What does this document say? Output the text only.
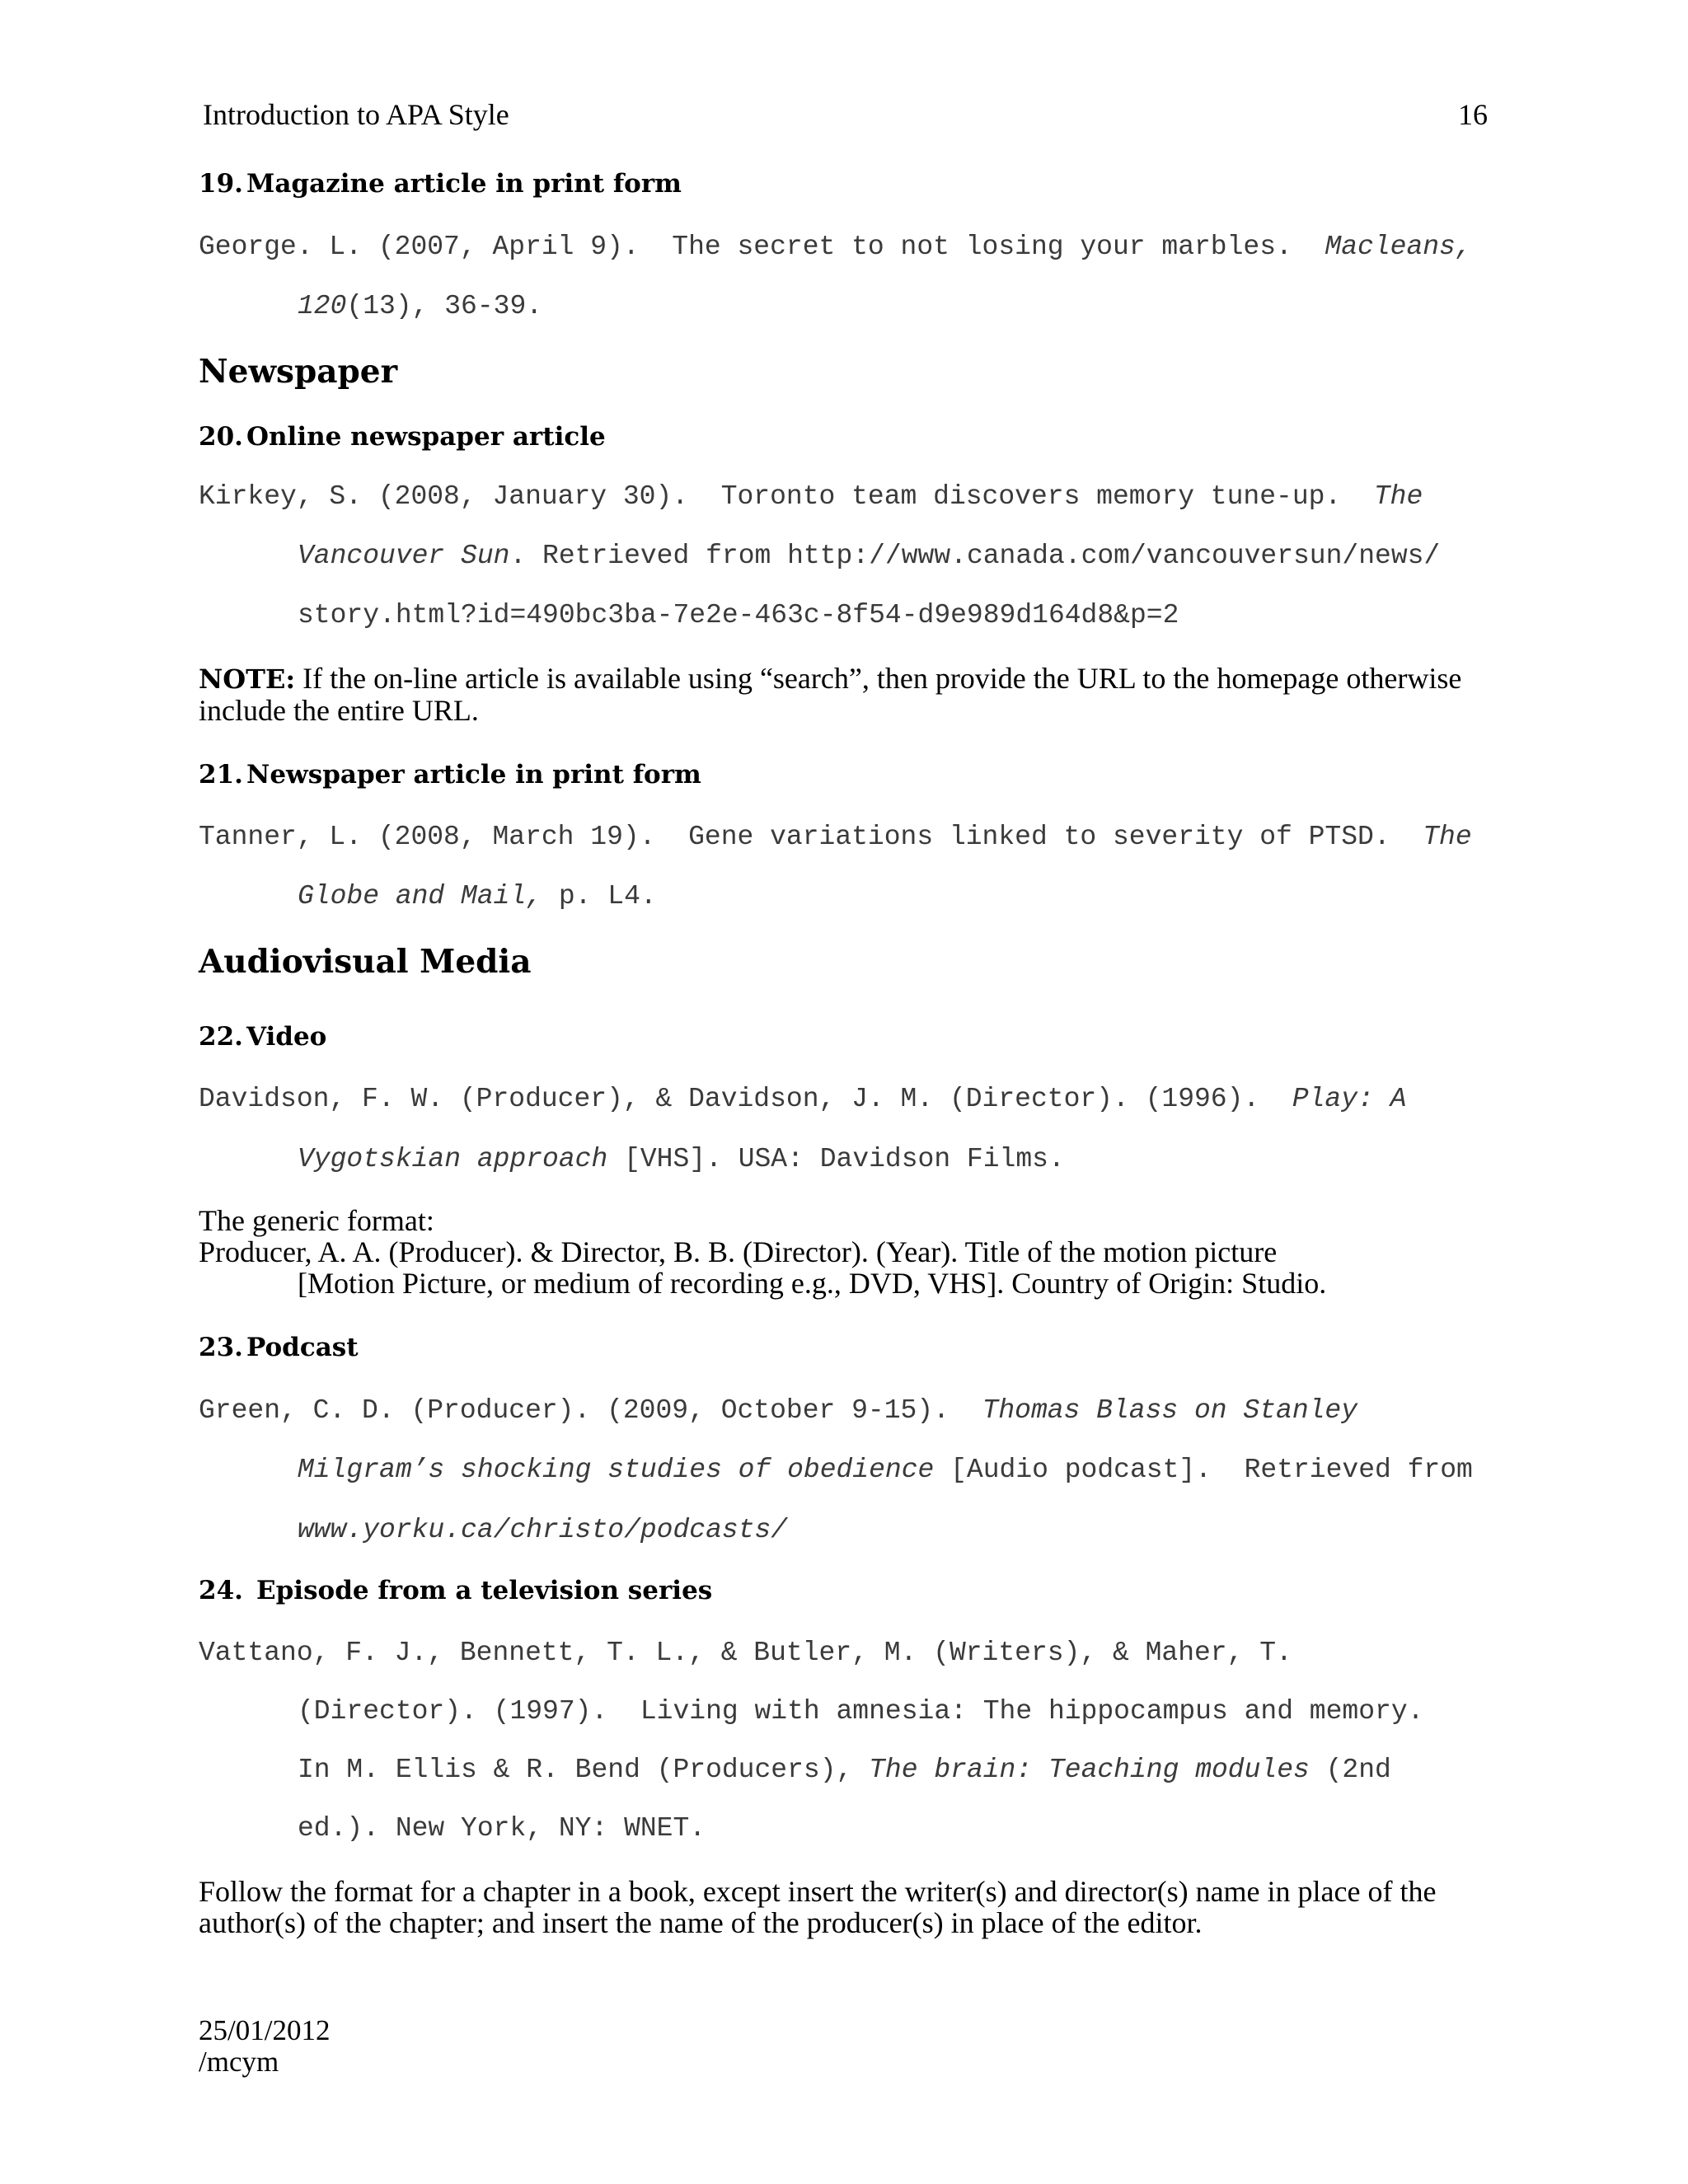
Introduction to APA Style	16
19. Magazine article in print form
George. L. (2007, April 9).  The secret to not losing your marbles.  Macleans,
120(13), 36-39.
Newspaper
20. Online newspaper article
Kirkey, S. (2008, January 30).  Toronto team discovers memory tune-up.  The
Vancouver Sun. Retrieved from http://www.canada.com/vancouversun/news/
story.html?id=490bc3ba-7e2e-463c-8f54-d9e989d164d8&p=2
NOTE: If the on-line article is available using “search”, then provide the URL to the homepage otherwise include the entire URL.
21. Newspaper article in print form
Tanner, L. (2008, March 19).  Gene variations linked to severity of PTSD.  The
Globe and Mail, p. L4.
Audiovisual Media
22. Video
Davidson, F. W. (Producer), & Davidson, J. M. (Director). (1996).  Play: A
Vygotskian approach [VHS]. USA: Davidson Films.
The generic format:
Producer, A. A. (Producer). & Director, B. B. (Director). (Year). Title of the motion picture
[Motion Picture, or medium of recording e.g., DVD, VHS]. Country of Origin: Studio.
23. Podcast
Green, C. D. (Producer). (2009, October 9-15).  Thomas Blass on Stanley
Milgram’s shocking studies of obedience [Audio podcast].  Retrieved from
www.yorku.ca/christo/podcasts/
24. Episode from a television series
Vattano, F. J., Bennett, T. L., & Butler, M. (Writers), & Maher, T.
(Director). (1997).  Living with amnesia: The hippocampus and memory.
In M. Ellis & R. Bend (Producers), The brain: Teaching modules (2nd
ed.). New York, NY: WNET.
Follow the format for a chapter in a book, except insert the writer(s) and director(s) name in place of the author(s) of the chapter; and insert the name of the producer(s) in place of the editor.
25/01/2012
/mcym
